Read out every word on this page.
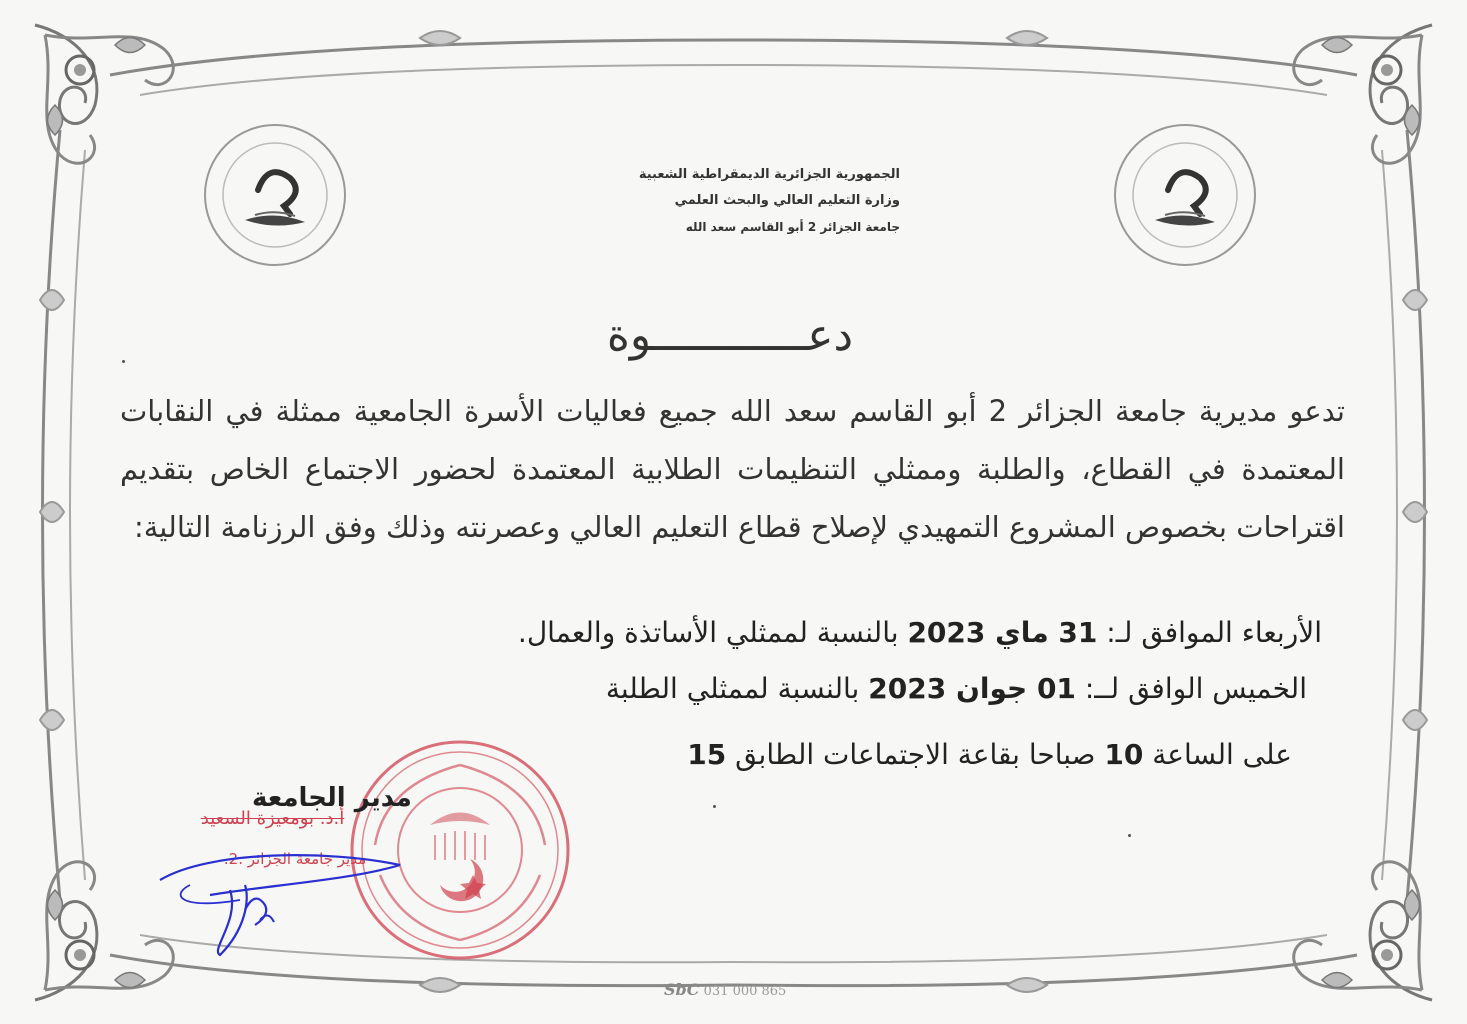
الجمهورية الجزائرية الديمقراطية الشعبية
وزارة التعليم العالي والبحث العلمي
جامعة الجزائر 2 أبو القاسم سعد الله
دعــــــــــــوة

تدعو مديرية جامعة الجزائر 2 أبو القاسم سعد الله جميع فعاليات الأسرة الجامعية ممثلة في النقابات المعتمدة في القطاع، والطلبة وممثلي التنظيمات الطلابية المعتمدة لحضور الاجتماع الخاص بتقديم اقتراحات بخصوص المشروع التمهيدي لإصلاح قطاع التعليم العالي وعصرنته وذلك وفق الرزنامة التالية:

الأربعاء الموافق لـ: 31 ماي 2023 بالنسبة لممثلي الأساتذة والعمال.
الخميس الوافق لــ: 01 جوان 2023 بالنسبة لممثلي الطلبة
على الساعة 10 صباحا بقاعة الاجتماعات الطابق 15
مدير الجامعة
أ.د. بومعيزة السعيد
مدير جامعة الجزائر .2.
SbC 031 000 865
